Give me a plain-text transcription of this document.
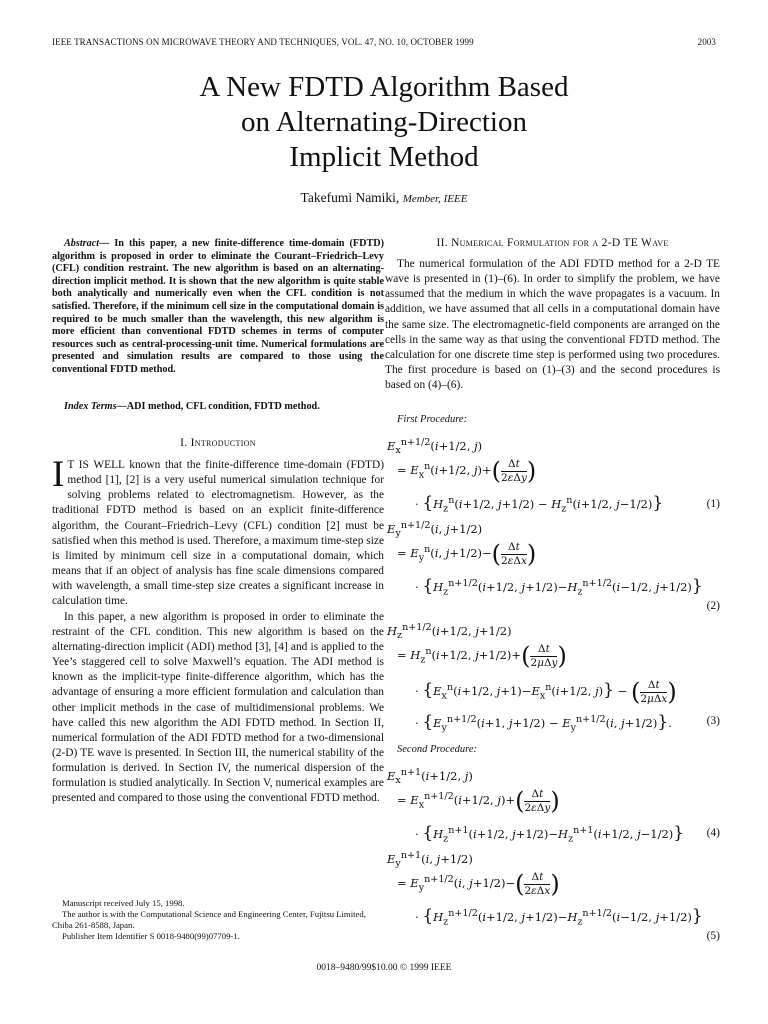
IEEE TRANSACTIONS ON MICROWAVE THEORY AND TECHNIQUES, VOL. 47, NO. 10, OCTOBER 1999	2003
A New FDTD Algorithm Based
on Alternating-Direction
Implicit Method
Takefumi Namiki, Member, IEEE
Abstract— In this paper, a new finite-difference time-domain (FDTD) algorithm is proposed in order to eliminate the Courant–Friedrich–Levy (CFL) condition restraint. The new algorithm is based on an alternating-direction implicit method. It is shown that the new algorithm is quite stable both analytically and numerically even when the CFL condition is not satisfied. Therefore, if the minimum cell size in the computational domain is required to be much smaller than the wavelength, this new algorithm is more efficient than conventional FDTD schemes in terms of computer resources such as central-processing-unit time. Numerical formulations are presented and simulation results are compared to those using the conventional FDTD method.
Index Terms—ADI method, CFL condition, FDTD method.
I. Introduction

I T IS WELL known that the finite-difference time-domain (FDTD) method [1], [2] is a very useful numerical simulation technique for solving problems related to electromagnetism. However, as the traditional FDTD method is based on an explicit finite-difference algorithm, the Courant–Friedrich–Levy (CFL) condition [2] must be satisfied when this method is used. Therefore, a maximum time-step size is limited by minimum cell size in a computational domain, which means that if an object of analysis has fine scale dimensions compared with wavelength, a small time-step size creates a significant increase in calculation time.

In this paper, a new algorithm is proposed in order to eliminate the restraint of the CFL condition. This new algorithm is based on the alternating-direction implicit (ADI) method [3], [4] and is applied to the Yee’s staggered cell to solve Maxwell’s equation. The ADI method is known as the implicit-type finite-difference algorithm, which has the advantage of ensuring a more efficient formulation and calculation than other implicit methods in the case of multidimensional problems. We have called this new algorithm the ADI FDTD method. In Section II, numerical formulation of the ADI FDTD method for a two-dimensional (2-D) TE wave is presented. In Section III, the numerical stability of the formulation is derived. In Section IV, the numerical dispersion of the formulation is studied analytically. In Section V, numerical examples are presented and compared to those using the conventional FDTD method.

Manuscript received July 15, 1998.

The author is with the Computational Science and Engineering Center, Fujitsu Limited, Chiba 261-8588, Japan.

Publisher Item Identifier S 0018-9480(99)07709-1.

II. Numerical Formulation for a 2-D TE Wave

The numerical formulation of the ADI FDTD method for a 2-D TE wave is presented in (1)–(6). In order to simplify the problem, we have assumed that the medium in which the wave propagates is a vacuum. In addition, we have assumed that all cells in a computational domain have the same size. The electromagnetic-field components are arranged on the cells in the same way as that using the conventional FDTD method. The calculation for one discrete time step is performed using two procedures. The first procedure is based on (1)–(3) and the second procedures is based on (4)–(6).

First Procedure:
$E_x^{n+1/2}(i+1/2$, j)
= $E_x^n(i+1/2$, $j)+( \frac{\Delta t}{\text{2εΔy}}$ )
· {$H_z^n(i+1/2$, $j+1/2) - H_z^n(i+1/2$, j−1/2)}	(1)
$E_y^{n+1/2}(i$, j+1/2)
= $E_y^n(i$, $j+1/2)-( \frac{\Delta t}{\text{2εΔx}}$ )
· {$H_z^{n+1/2}(i+1/2$, $j+1/2)-H_z^{n+1/2}(i-1/2$, j+1/2)}
(2)
$H_z^{n+1/2}(i+1/2$, j+1/2)
= $H_z^n(i+1/2$, $j+1/2)+( \frac{\Delta t}{\text{2μΔy}}$ )
· {$E_x^n(i+1/2$, $j+1)-E_x^n(i+1/2$, j)} − ( $\frac{\Delta t}{\text{2μΔx}}$ )
· {$E_y^{n+1/2}(i+1$, $j+1/2) - E_y^{n+1/2}(i$, j+1/2)}.	(3)
Second Procedure:
$E_x^{n+1}(i+1/2$, j)
= $E_x^{n+1/2}(i+1/2$, $j)+( \frac{\Delta t}{\text{2εΔy}}$ )
· {$H_z^{n+1}(i+1/2$, $j+1/2)-H_z^{n+1}(i+1/2$, j−1/2)} (4)
$E_y^{n+1}(i$, j+1/2)
= $E_y^{n+1/2}(i$, $j+1/2)-( \frac{\Delta t}{\text{2εΔx}}$ )
· {$H_z^{n+1/2}(i+1/2$, $j+1/2)-H_z^{n+1/2}(i-1/2$, j+1/2)}
(5)
0018–9480/99$10.00 © 1999 IEEE
